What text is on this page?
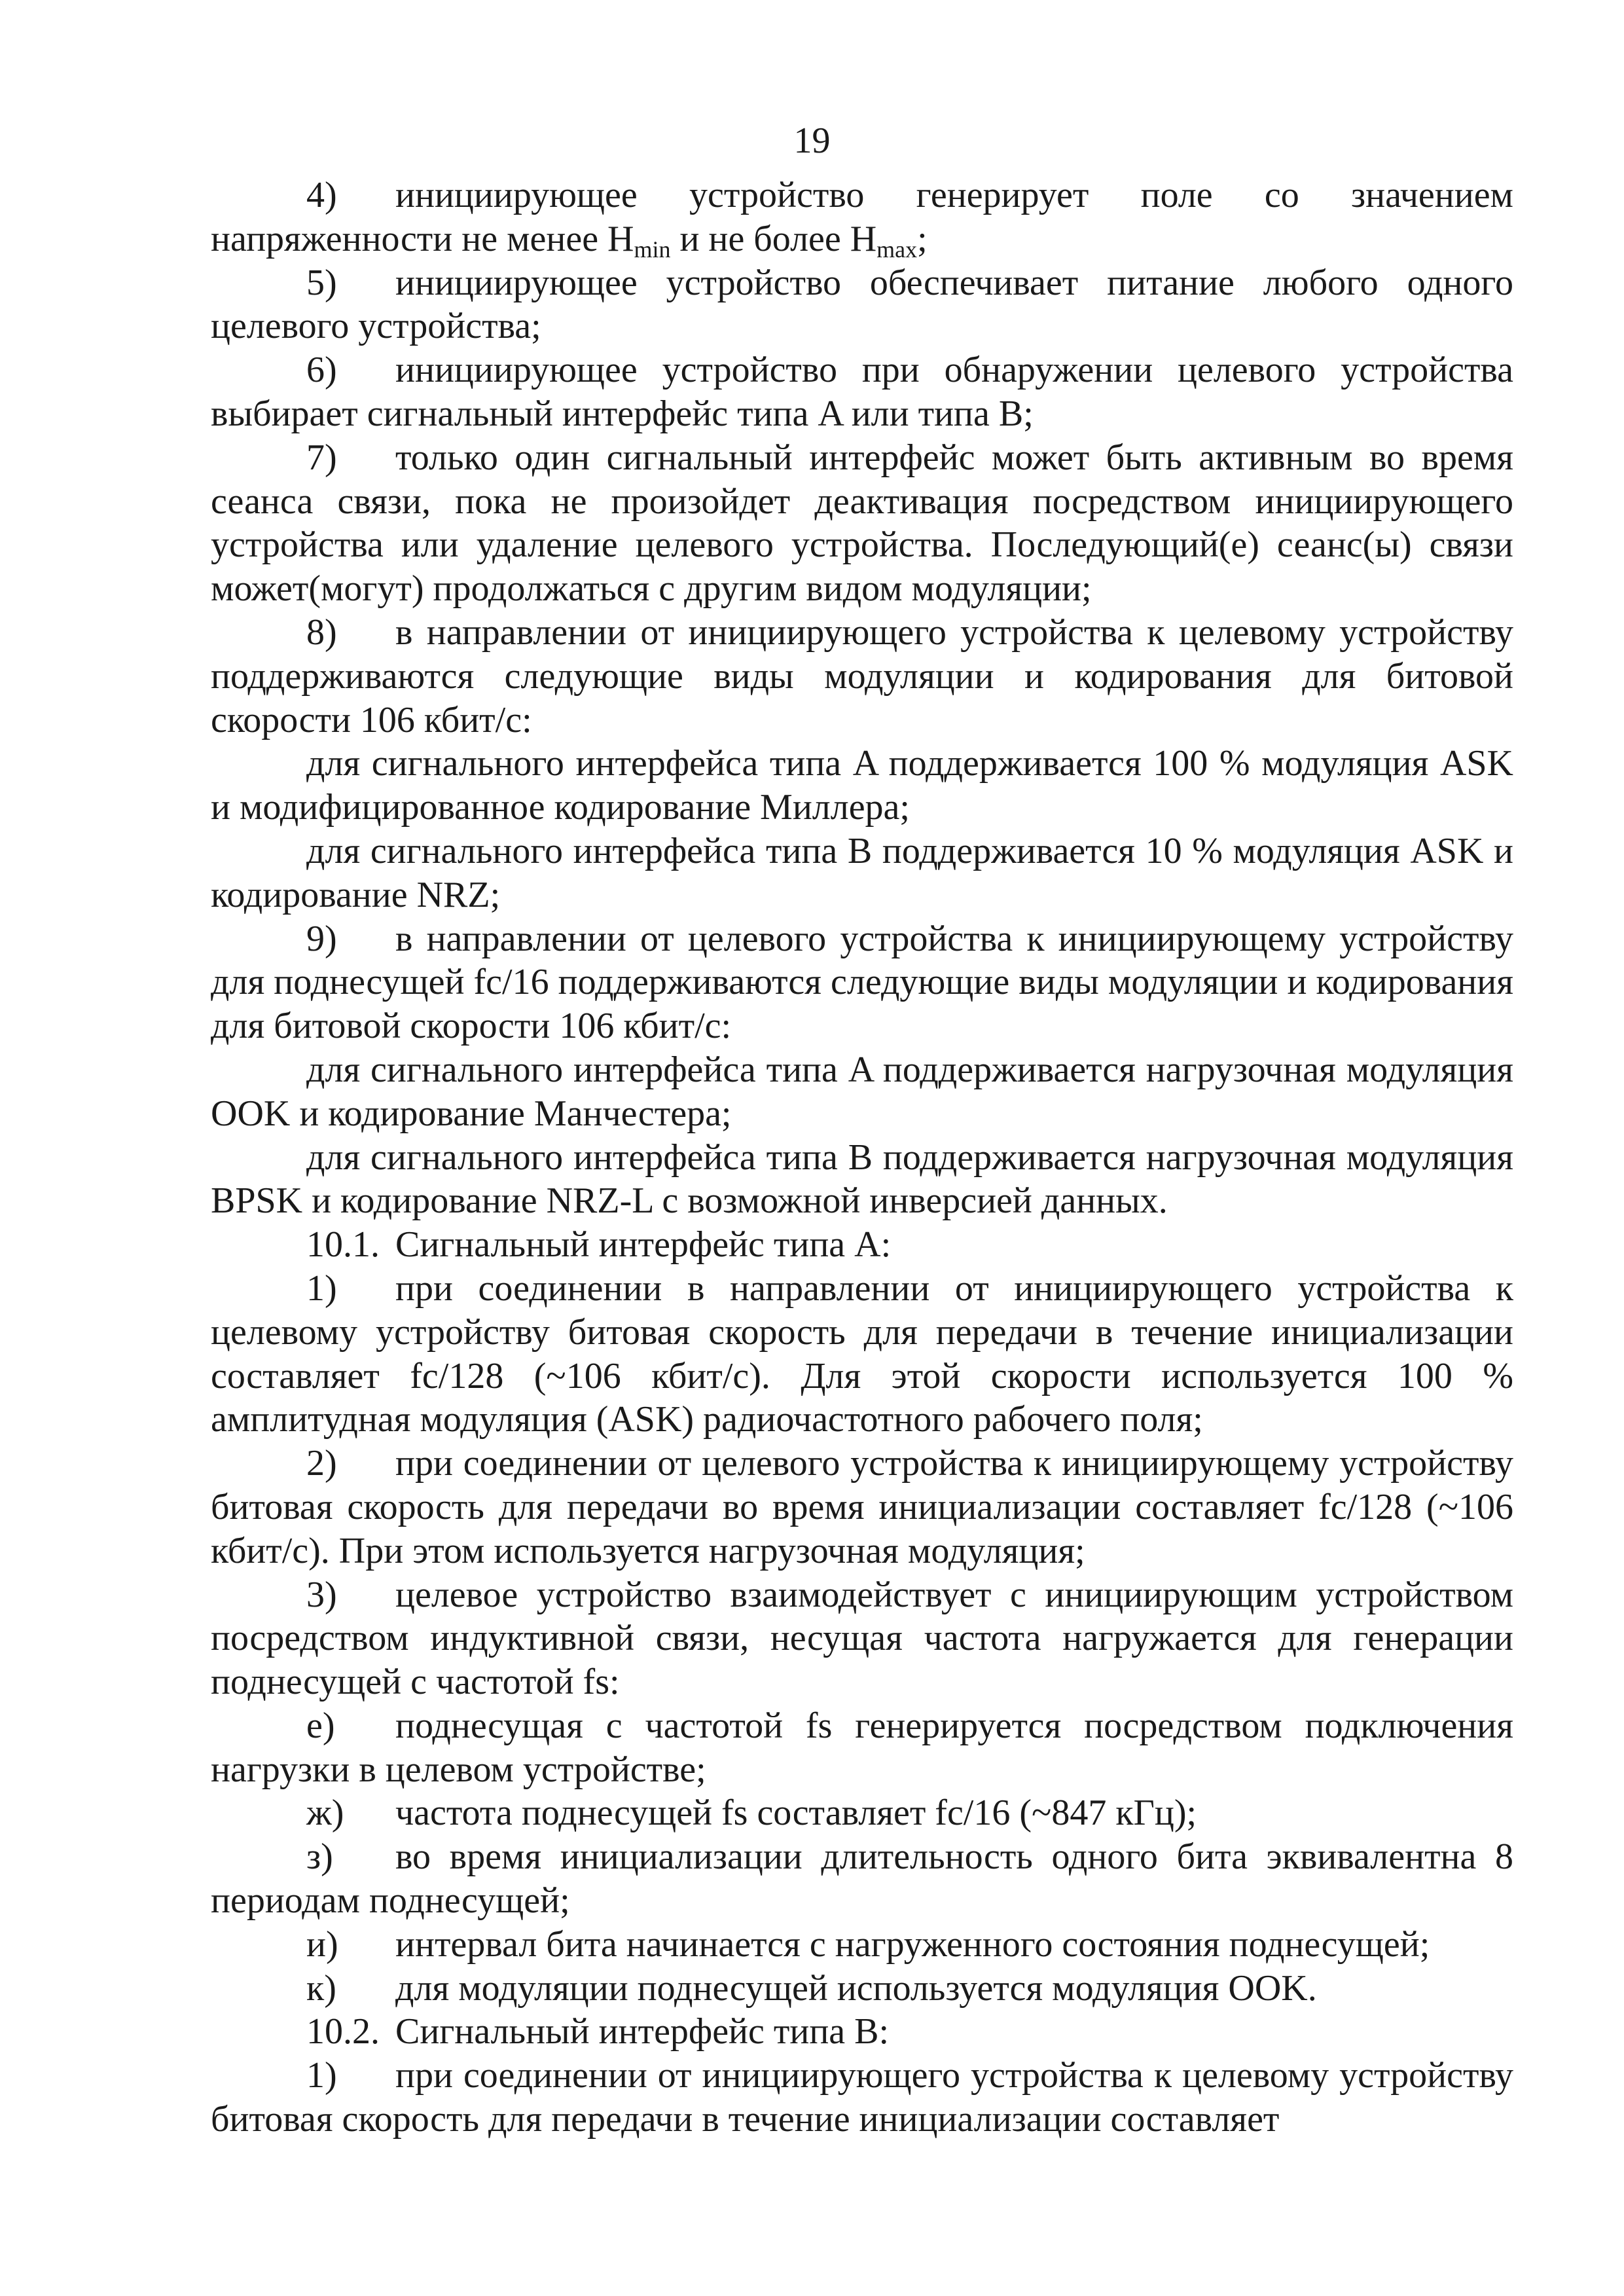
19

4) инициирующее устройство генерирует поле со значением напряженности не менее $H_{min}$ и не более $H_{max}$;

5) инициирующее устройство обеспечивает питание любого одного целевого устройства;

6) инициирующее устройство при обнаружении целевого устройства выбирает сигнальный интерфейс типа A или типа B;

7) только один сигнальный интерфейс может быть активным во время сеанса связи, пока не произойдет деактивация посредством инициирующего устройства или удаление целевого устройства. Последующий(е) сеанс(ы) связи может(могут) продолжаться с другим видом модуляции;

8) в направлении от инициирующего устройства к целевому устройству поддерживаются следующие виды модуляции и кодирования для битовой скорости 106 кбит/с:

для сигнального интерфейса типа A поддерживается 100 % модуляция ASK и модифицированное кодирование Миллера;

для сигнального интерфейса типа B поддерживается 10 % модуляция ASK и кодирование NRZ;

9) в направлении от целевого устройства к инициирующему устройству для поднесущей fc/16 поддерживаются следующие виды модуляции и кодирования для битовой скорости 106 кбит/с:

для сигнального интерфейса типа A поддерживается нагрузочная модуляция OOK и кодирование Манчестера;

для сигнального интерфейса типа B поддерживается нагрузочная модуляция BPSK и кодирование NRZ-L с возможной инверсией данных.

10.1. Сигнальный интерфейс типа A:

1) при соединении в направлении от инициирующего устройства к целевому устройству битовая скорость для передачи в течение инициализации составляет fc/128 (~106 кбит/с). Для этой скорости используется 100 % амплитудная модуляция (ASK) радиочастотного рабочего поля;

2) при соединении от целевого устройства к инициирующему устройству битовая скорость для передачи во время инициализации составляет fc/128 (~106 кбит/с). При этом используется нагрузочная модуляция;

3) целевое устройство взаимодействует с инициирующим устройством посредством индуктивной связи, несущая частота нагружается для генерации поднесущей с частотой fs:

е) поднесущая с частотой fs генерируется посредством подключения нагрузки в целевом устройстве;

ж) частота поднесущей fs составляет fc/16 (~847 кГц);

з) во время инициализации длительность одного бита эквивалентна 8 периодам поднесущей;

и) интервал бита начинается с нагруженного состояния поднесущей;

к) для модуляции поднесущей используется модуляция OOK.

10.2. Сигнальный интерфейс типа B:

1) при соединении от инициирующего устройства к целевому устройству битовая скорость для передачи в течение инициализации составляет
